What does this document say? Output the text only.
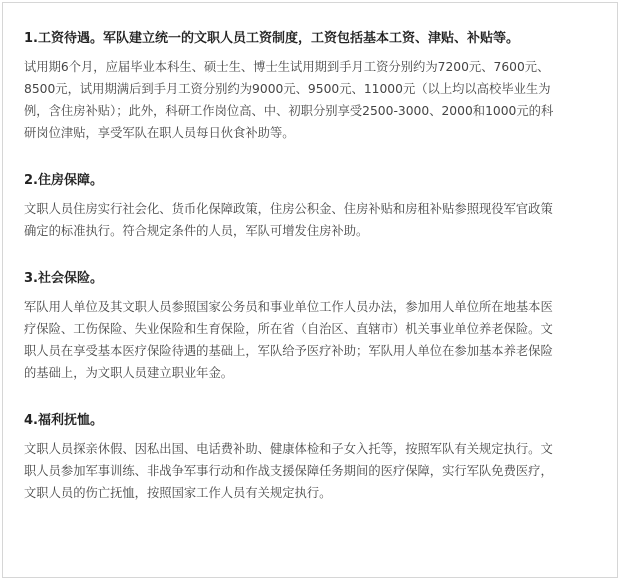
1.工资待遇。军队建立统一的文职人员工资制度，工资包括基本工资、津贴、补贴等。
试用期6个月，应届毕业本科生、硕士生、博士生试用期到手月工资分别约为7200元、7600元、
8500元，试用期满后到手月工资分别约为9000元、9500元、11000元（以上均以高校毕业生为
例，含住房补贴）；此外，科研工作岗位高、中、初职分别享受2500-3000、2000和1000元的科
研岗位津贴，享受军队在职人员每日伙食补助等。
2.住房保障。
文职人员住房实行社会化、货币化保障政策，住房公积金、住房补贴和房租补贴参照现役军官政策
确定的标准执行。符合规定条件的人员，军队可增发住房补助。
3.社会保险。
军队用人单位及其文职人员参照国家公务员和事业单位工作人员办法，参加用人单位所在地基本医
疗保险、工伤保险、失业保险和生育保险，所在省（自治区、直辖市）机关事业单位养老保险。文
职人员在享受基本医疗保险待遇的基础上，军队给予医疗补助；军队用人单位在参加基本养老保险
的基础上，为文职人员建立职业年金。
4.福利抚恤。
文职人员探亲休假、因私出国、电话费补助、健康体检和子女入托等，按照军队有关规定执行。文
职人员参加军事训练、非战争军事行动和作战支援保障任务期间的医疗保障，实行军队免费医疗，
文职人员的伤亡抚恤，按照国家工作人员有关规定执行。
